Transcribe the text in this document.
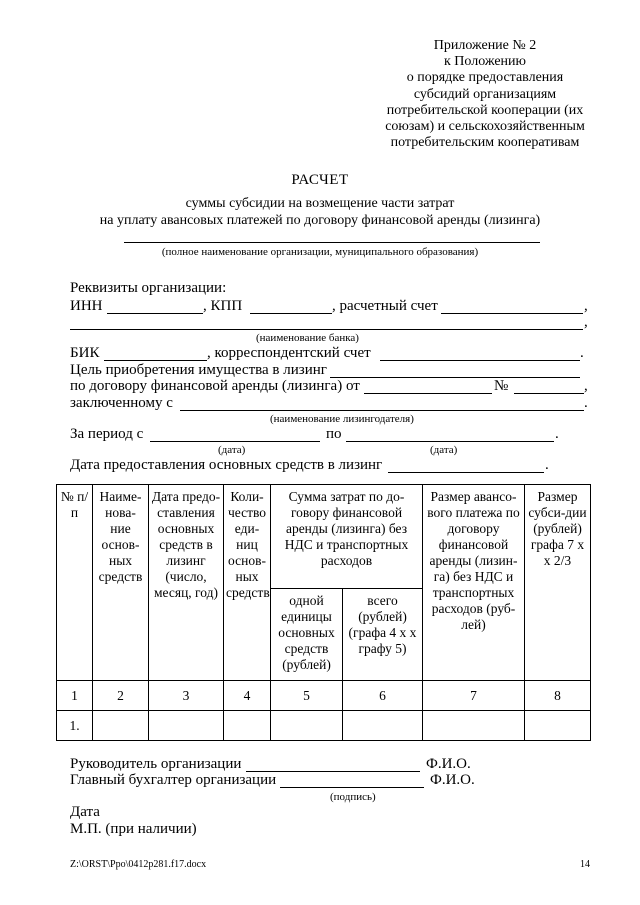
Приложение № 2
к Положению
о порядке предоставления
субсидий организациям
потребительской кооперации (их
союзам) и сельскохозяйственным
потребительским кооперативам
РАСЧЕТ
суммы субсидии на возмещение части затрат
на уплату авансовых платежей по договору финансовой аренды (лизинга)
(полное наименование организации, муниципального образования)
Реквизиты организации:
ИНН	, КПП	, расчетный счет	,
,
(наименование банка)
БИК	, корреспондентский счет	.
Цель приобретения имущества в лизинг
по договору финансовой аренды (лизинга) от	№	,
заключенному с	.
(наименование лизингодателя)
За период с	по	.
(дата)	(дата)
Дата предоставления основных средств в лизинг	.
№ п/п	Наиме-нова-ние основ-ных средств	Дата предо-ставления основных средств в лизинг (число, месяц, год)	Коли-чество еди-ниц основ-ных средств	Сумма затрат по до-говору финансовой аренды (лизинга) без НДС и транспортных расходов		Размер авансо-вого платежа по договору финансовой аренды (лизин-га) без НДС и транспортных расходов (руб-лей)	Размер субси-дии (рублей) графа 7 х х 2/3
				одной единицы основных средств (рублей)	всего (рублей) (графа 4 х х графу 5)		
1	2	3	4	5	6	7	8
1.							
Руководитель организации	Ф.И.О.
Главный бухгалтер организации	Ф.И.О.
(подпись)
Дата
М.П. (при наличии)
Z:\ORST\Ppo\0412p281.f17.docx	14
